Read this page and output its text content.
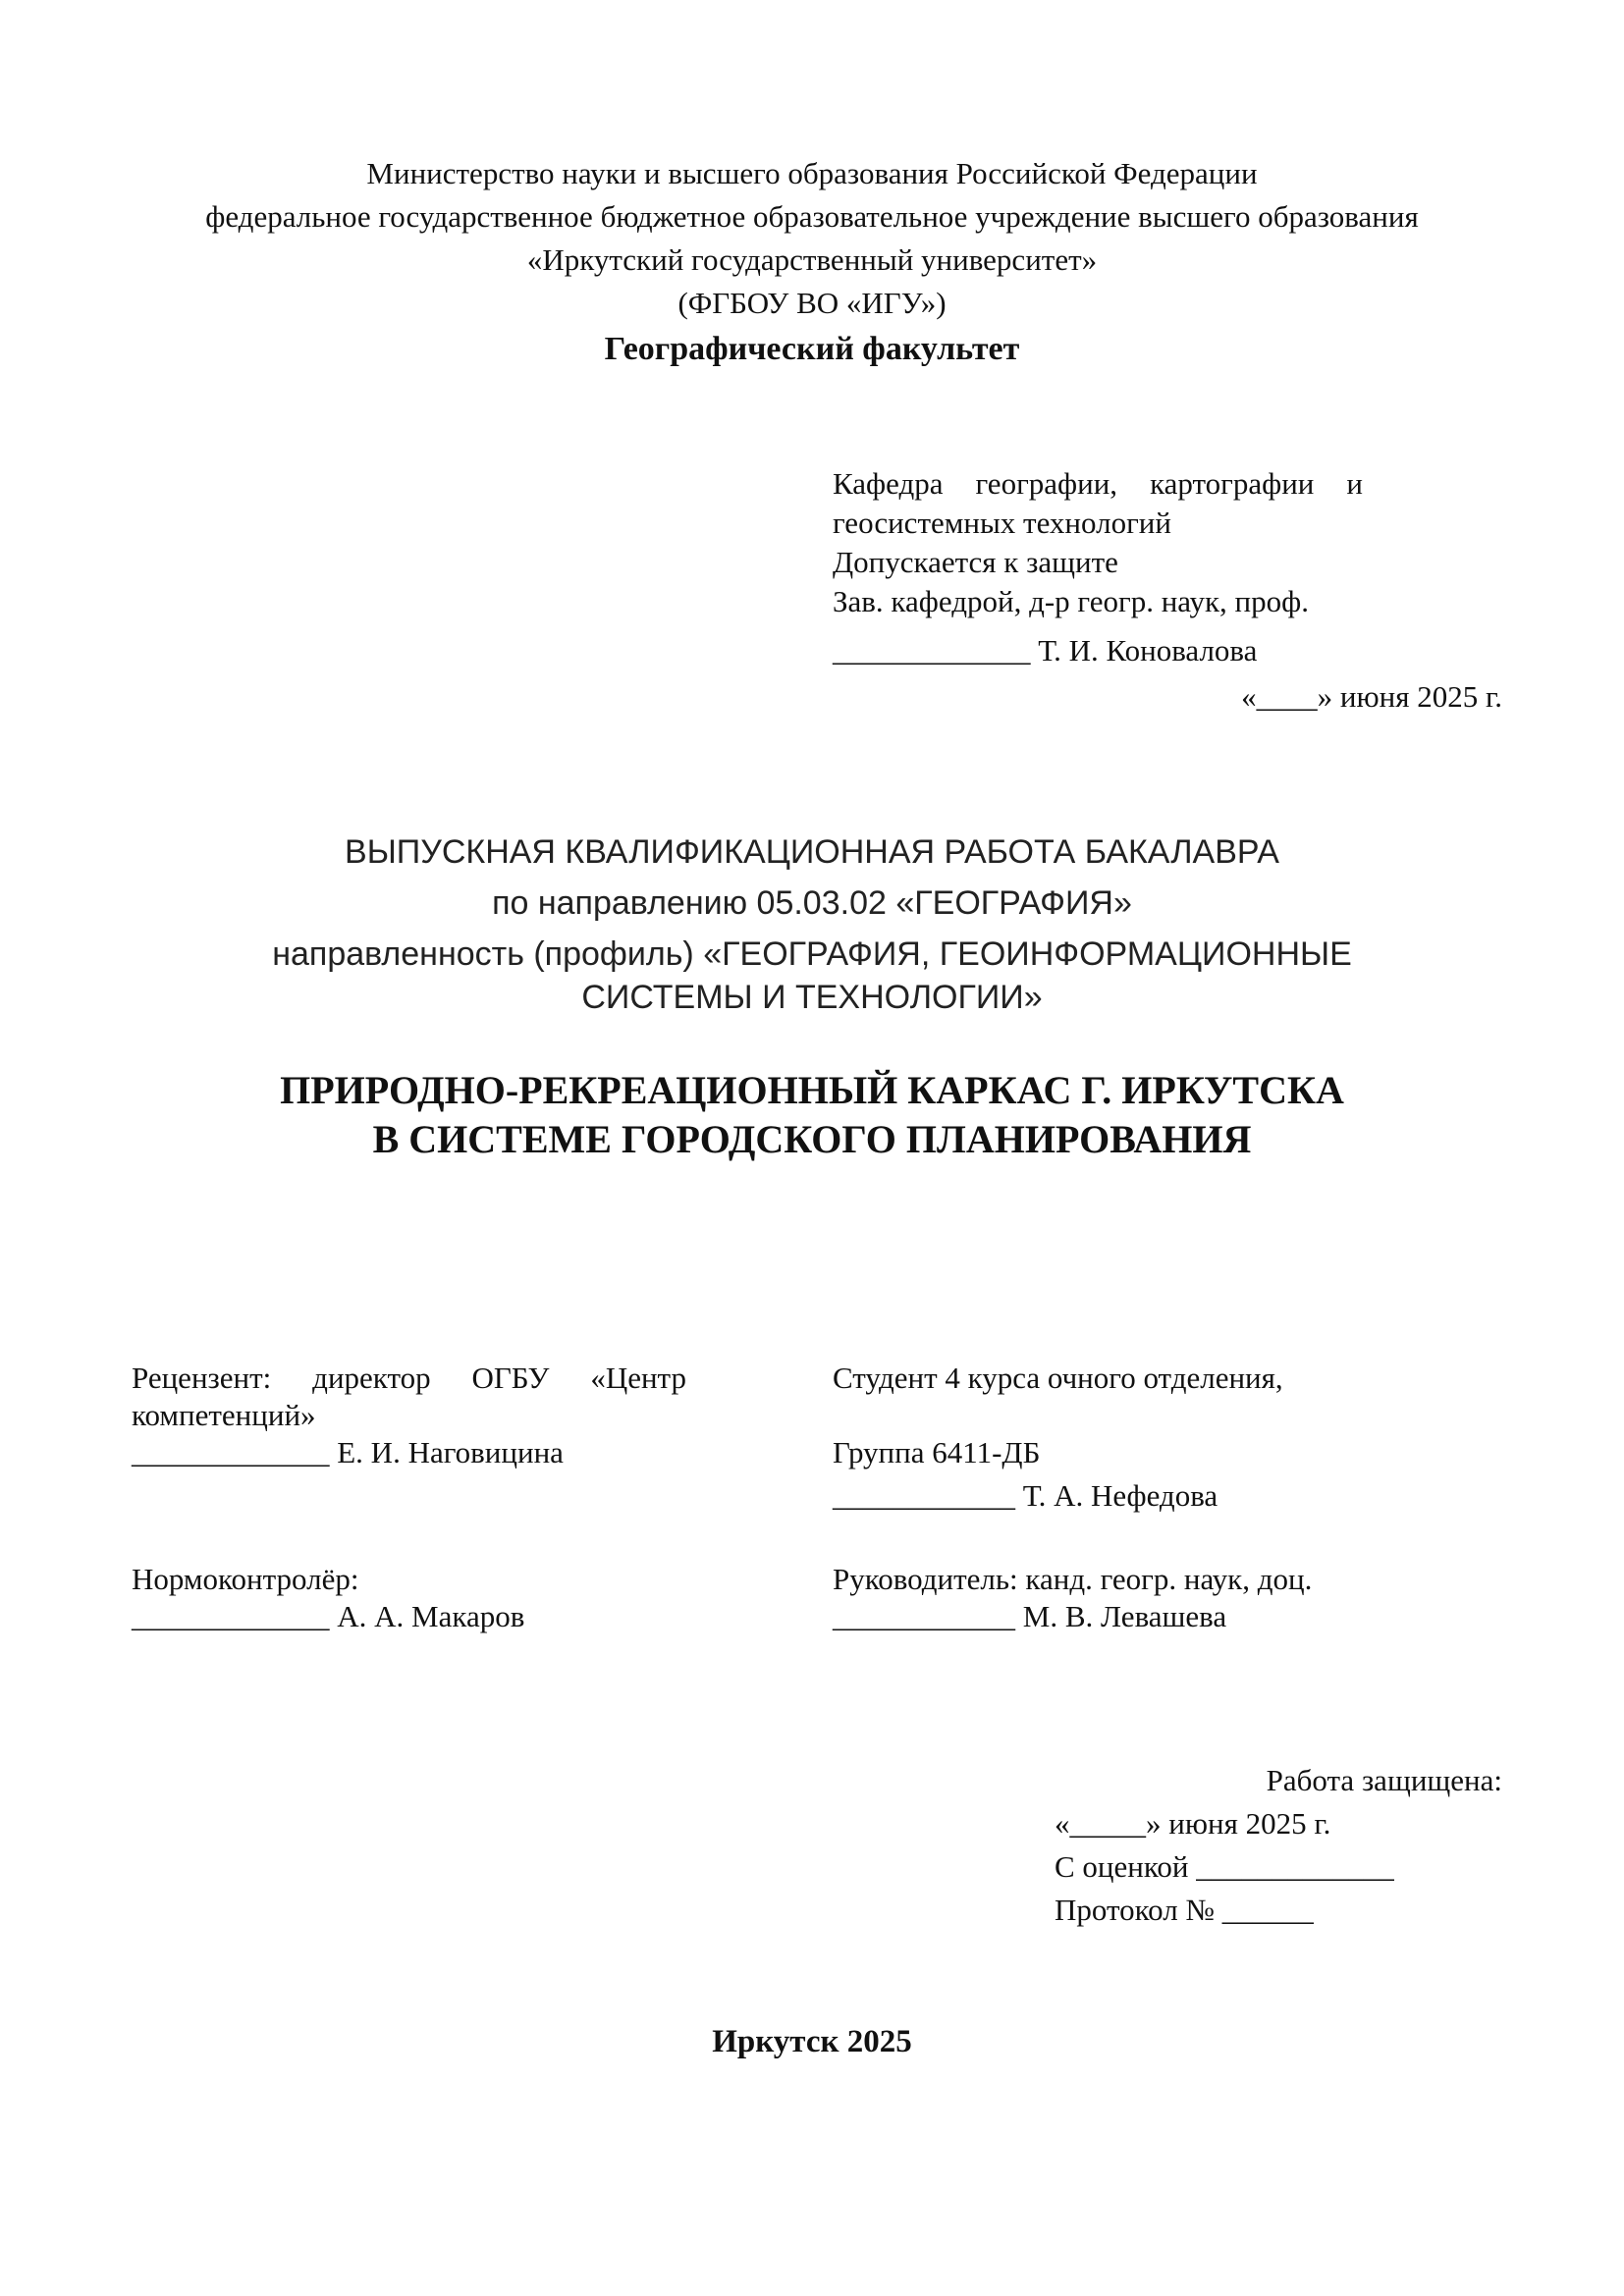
Министерство науки и высшего образования Российской Федерации
федеральное государственное бюджетное образовательное учреждение высшего образования
«Иркутский государственный университет»
(ФГБОУ ВО «ИГУ»)
Географический факультет
Кафедра географии, картографии и
геосистемных технологий
Допускается к защите
Зав. кафедрой, д-р геогр. наук, проф.
_____________ Т. И. Коновалова
«____» июня 2025 г.
ВЫПУСКНАЯ КВАЛИФИКАЦИОННАЯ РАБОТА БАКАЛАВРА
по направлению 05.03.02 «ГЕОГРАФИЯ»
направленность (профиль) «ГЕОГРАФИЯ, ГЕОИНФОРМАЦИОННЫЕ
СИСТЕМЫ И ТЕХНОЛОГИИ»
ПРИРОДНО-РЕКРЕАЦИОННЫЙ КАРКАС Г. ИРКУТСКА
В СИСТЕМЕ ГОРОДСКОГО ПЛАНИРОВАНИЯ
Рецензент: директор ОГБУ «Центр
компетенций»
_____________ Е. И. Наговицина
Нормоконтролёр:
_____________ А. А. Макаров
Студент 4 курса очного отделения,
Группа 6411-ДБ
____________ Т. А. Нефедова
Руководитель: канд. геогр. наук, доц.
____________ М. В. Левашева
Работа защищена:
«_____» июня 2025 г.
С оценкой _____________
Протокол № ______
Иркутск 2025
